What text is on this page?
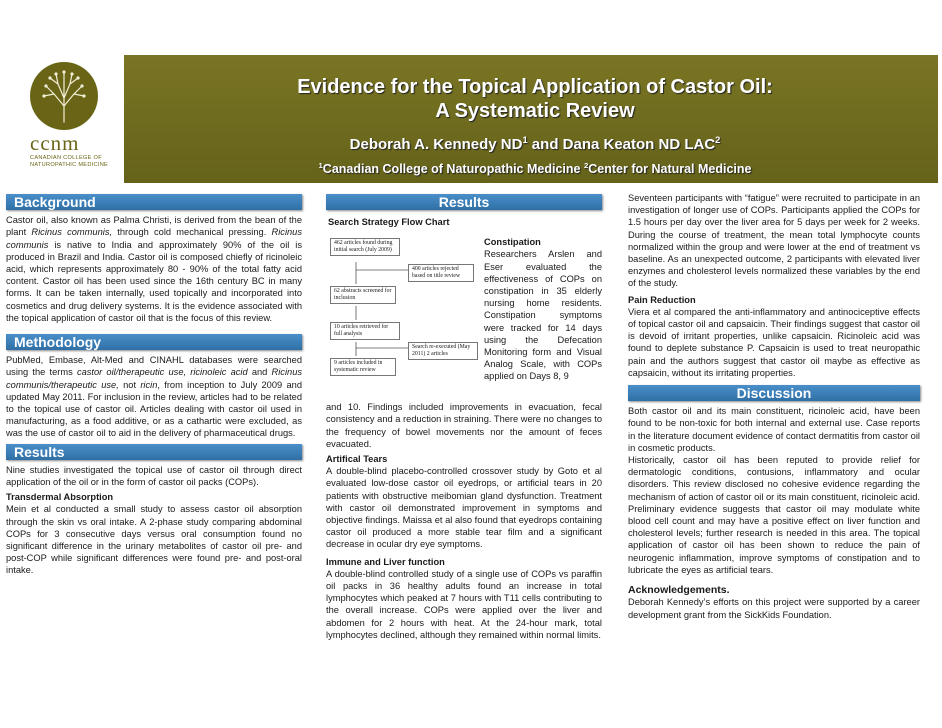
ccnm
CANADIAN COLLEGE OF NATUROPATHIC MEDICINE
Evidence for the Topical Application of Castor Oil:
A Systematic Review
Deborah A. Kennedy $ND^1$ and Dana Keaton ND LAC$^2$
$^1$Canadian College of Naturopathic Medicine $^2$Center for Natural Medicine
Background

Castor oil, also known as Palma Christi, is derived from the bean of the plant Ricinus communis, through cold mechanical pressing. Ricinus communis is native to India and approximately 90% of the oil is produced in Brazil and India. Castor oil is composed chiefly of ricinoleic acid, which represents approximately 80 - 90% of the total fatty acid content. Castor oil has been used since the 16th century BC in many forms. It can be taken internally, used topically and incorporated into cosmetics and drug delivery systems. It is the evidence associated with the topical application of castor oil that is the focus of this review.

Methodology

PubMed, Embase, Alt-Med and CINAHL databases were searched using the terms castor oil/therapeutic use, ricinoleic acid and Ricinus communis/therapeutic use, not ricin, from inception to July 2009 and updated May 2011. For inclusion in the review, articles had to be related to the topical use of castor oil. Articles dealing with castor oil used in manufacturing, as a food additive, or as a cathartic were excluded, as was the use of castor oil to aid in the delivery of pharmaceutical drugs.

Results

Nine studies investigated the topical use of castor oil through direct application of the oil or in the form of castor oil packs (COPs).

Transdermal Absorption

Mein et al conducted a small study to assess castor oil absorption through the skin vs oral intake. A 2-phase study comparing abdominal COPs for 3 consecutive days versus oral consumption found no significant difference in the urinary metabolites of castor oil pre- and post-COP while significant differences were found pre- and post-oral intake.

Results
Search Strategy Flow Chart
462 articles found during initial search (July 2009)
400 articles rejected based on title review
62 abstracts screened for inclusion
10 articles retrieved for full analysis
Search re-executed (May 2011) 2 articles
9 articles included in systematic review

Constipation

Researchers Arslen and Eser evaluated the effectiveness of COPs on constipation in 35 elderly nursing home residents. Constipation symptoms were tracked for 14 days using the Defecation Monitoring form and Visual Analog Scale, with COPs applied on Days 8, 9

and 10. Findings included improvements in evacuation, fecal consistency and a reduction in straining. There were no changes to the frequency of bowel movements nor the amount of feces evacuated.

Artifical Tears

A double-blind placebo-controlled crossover study by Goto et al evaluated low-dose castor oil eyedrops, or artificial tears in 20 patients with obstructive meibomian gland dysfunction. Treatment with castor oil demonstrated improvement in symptoms and objective findings. Maissa et al also found that eyedrops containing castor oil produced a more stable tear film and a significant decrease in ocular dry eye symptoms.

Immune and Liver function

A double-blind controlled study of a single use of COPs vs paraffin oil packs in 36 healthy adults found an increase in total lymphocytes which peaked at 7 hours with T11 cells contributing to the overall increase. COPs were applied over the liver and abdomen for 2 hours with heat. At the 24-hour mark, total lymphocytes declined, although they remained within normal limits.

Seventeen participants with “fatigue” were recruited to participate in an investigation of longer use of COPs. Participants applied the COPs for 1.5 hours per day over the liver area for 5 days per week for 2 weeks. During the course of treatment, the mean total lymphocyte counts normalized within the group and were lower at the end of treatment vs baseline. As an unexpected outcome, 2 participants with elevated liver enzymes and cholesterol levels normalized these variables by the end of the study.

Pain Reduction

Viera et al compared the anti-inflammatory and antinociceptive effects of topical castor oil and capsaicin. Their findings suggest that castor oil is devoid of irritant properties, unlike capsaicin. Ricinoleic acid was found to deplete substance P. Capsaicin is used to treat neuropathic pain and the authors suggest that castor oil maybe as effective as capsaicin, without its irritating properties.

Discussion

Both castor oil and its main constituent, ricinoleic acid, have been found to be non-toxic for both internal and external use. Case reports in the literature document evidence of contact dermatitis from castor oil in cosmetic products.

Historically, castor oil has been reputed to provide relief for dermatologic conditions, contusions, inflammatory and ocular disorders. This review disclosed no cohesive evidence regarding the mechanism of action of castor oil or its main constituent, ricinoleic acid.

Preliminary evidence suggests that castor oil may modulate white blood cell count and may have a positive effect on liver function and cholesterol levels; further research is needed in this area. The topical application of castor oil has been shown to reduce the pain of neurogenic inflammation, improve symptoms of constipation and to lubricate the eyes as artificial tears.

Acknowledgements.

Deborah Kennedy’s efforts on this project were supported by a career development grant from the SickKids Foundation.
